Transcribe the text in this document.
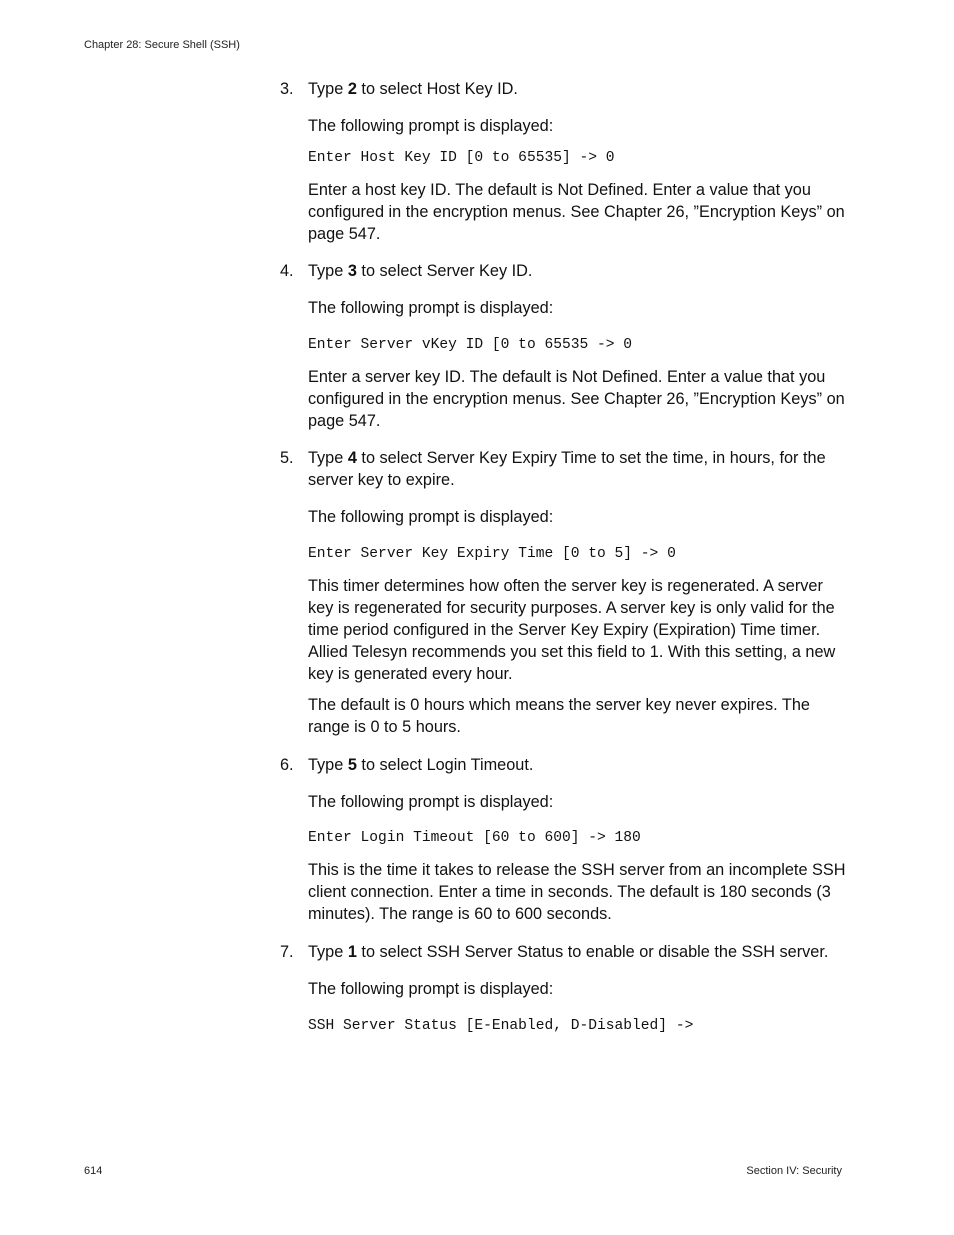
Chapter 28: Secure Shell (SSH)
3. Type 2 to select Host Key ID.
The following prompt is displayed:
Enter Host Key ID [0 to 65535] -> 0
Enter a host key ID. The default is Not Defined. Enter a value that you configured in the encryption menus. See Chapter 26, ”Encryption Keys” on page 547.
4. Type 3 to select Server Key ID.
The following prompt is displayed:
Enter Server vKey ID [0 to 65535 -> 0
Enter a server key ID. The default is Not Defined. Enter a value that you configured in the encryption menus. See Chapter 26, ”Encryption Keys” on page 547.
5. Type 4 to select Server Key Expiry Time to set the time, in hours, for the server key to expire.
The following prompt is displayed:
Enter Server Key Expiry Time [0 to 5] -> 0
This timer determines how often the server key is regenerated. A server key is regenerated for security purposes. A server key is only valid for the time period configured in the Server Key Expiry (Expiration) Time timer. Allied Telesyn recommends you set this field to 1. With this setting, a new key is generated every hour.
The default is 0 hours which means the server key never expires. The range is 0 to 5 hours.
6. Type 5 to select Login Timeout.
The following prompt is displayed:
Enter Login Timeout [60 to 600] -> 180
This is the time it takes to release the SSH server from an incomplete SSH client connection. Enter a time in seconds. The default is 180 seconds (3 minutes). The range is 60 to 600 seconds.
7. Type 1 to select SSH Server Status to enable or disable the SSH server.
The following prompt is displayed:
SSH Server Status [E-Enabled, D-Disabled] ->
614	Section IV: Security
